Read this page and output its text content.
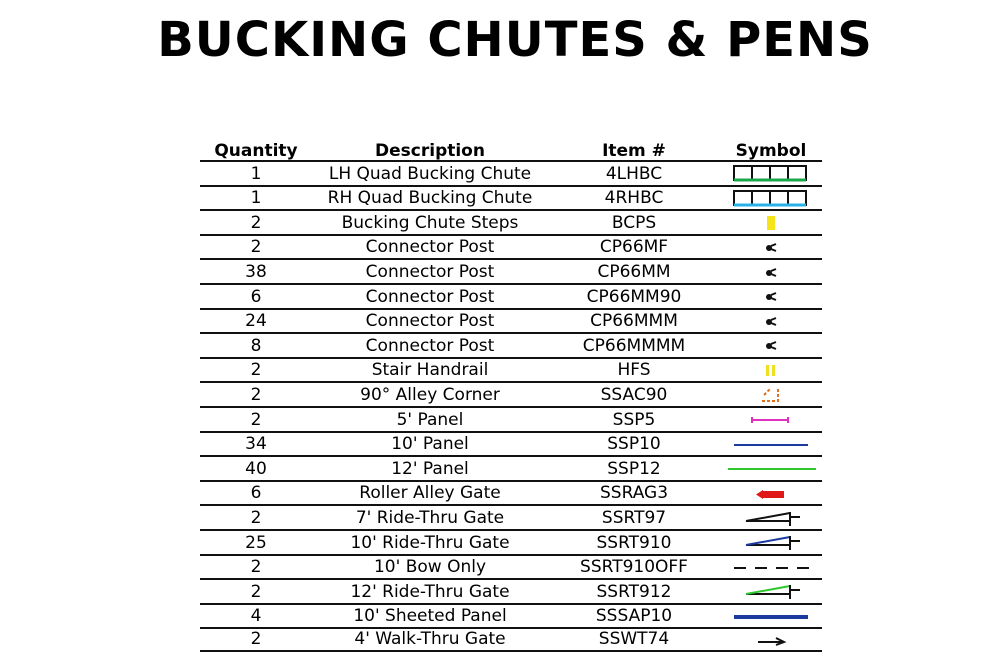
BUCKING CHUTES & PENS
Quantity	Description	Item #	Symbol
1	LH Quad Bucking Chute	4LHBC
1	RH Quad Bucking Chute	4RHBC
2	Bucking Chute Steps	BCPS
2	Connector Post	CP66MF
38	Connector Post	CP66MM
6	Connector Post	CP66MM90
24	Connector Post	CP66MMM
8	Connector Post	CP66MMMM
2	Stair Handrail	HFS
2	90° Alley Corner	SSAC90
2	5' Panel	SSP5
34	10' Panel	SSP10
40	12' Panel	SSP12
6	Roller Alley Gate	SSRAG3
2	7' Ride-Thru Gate	SSRT97
25	10' Ride-Thru Gate	SSRT910
2	10' Bow Only	SSRT910OFF
2	12' Ride-Thru Gate	SSRT912
4	10' Sheeted Panel	SSSAP10
2	4' Walk-Thru Gate	SSWT74
